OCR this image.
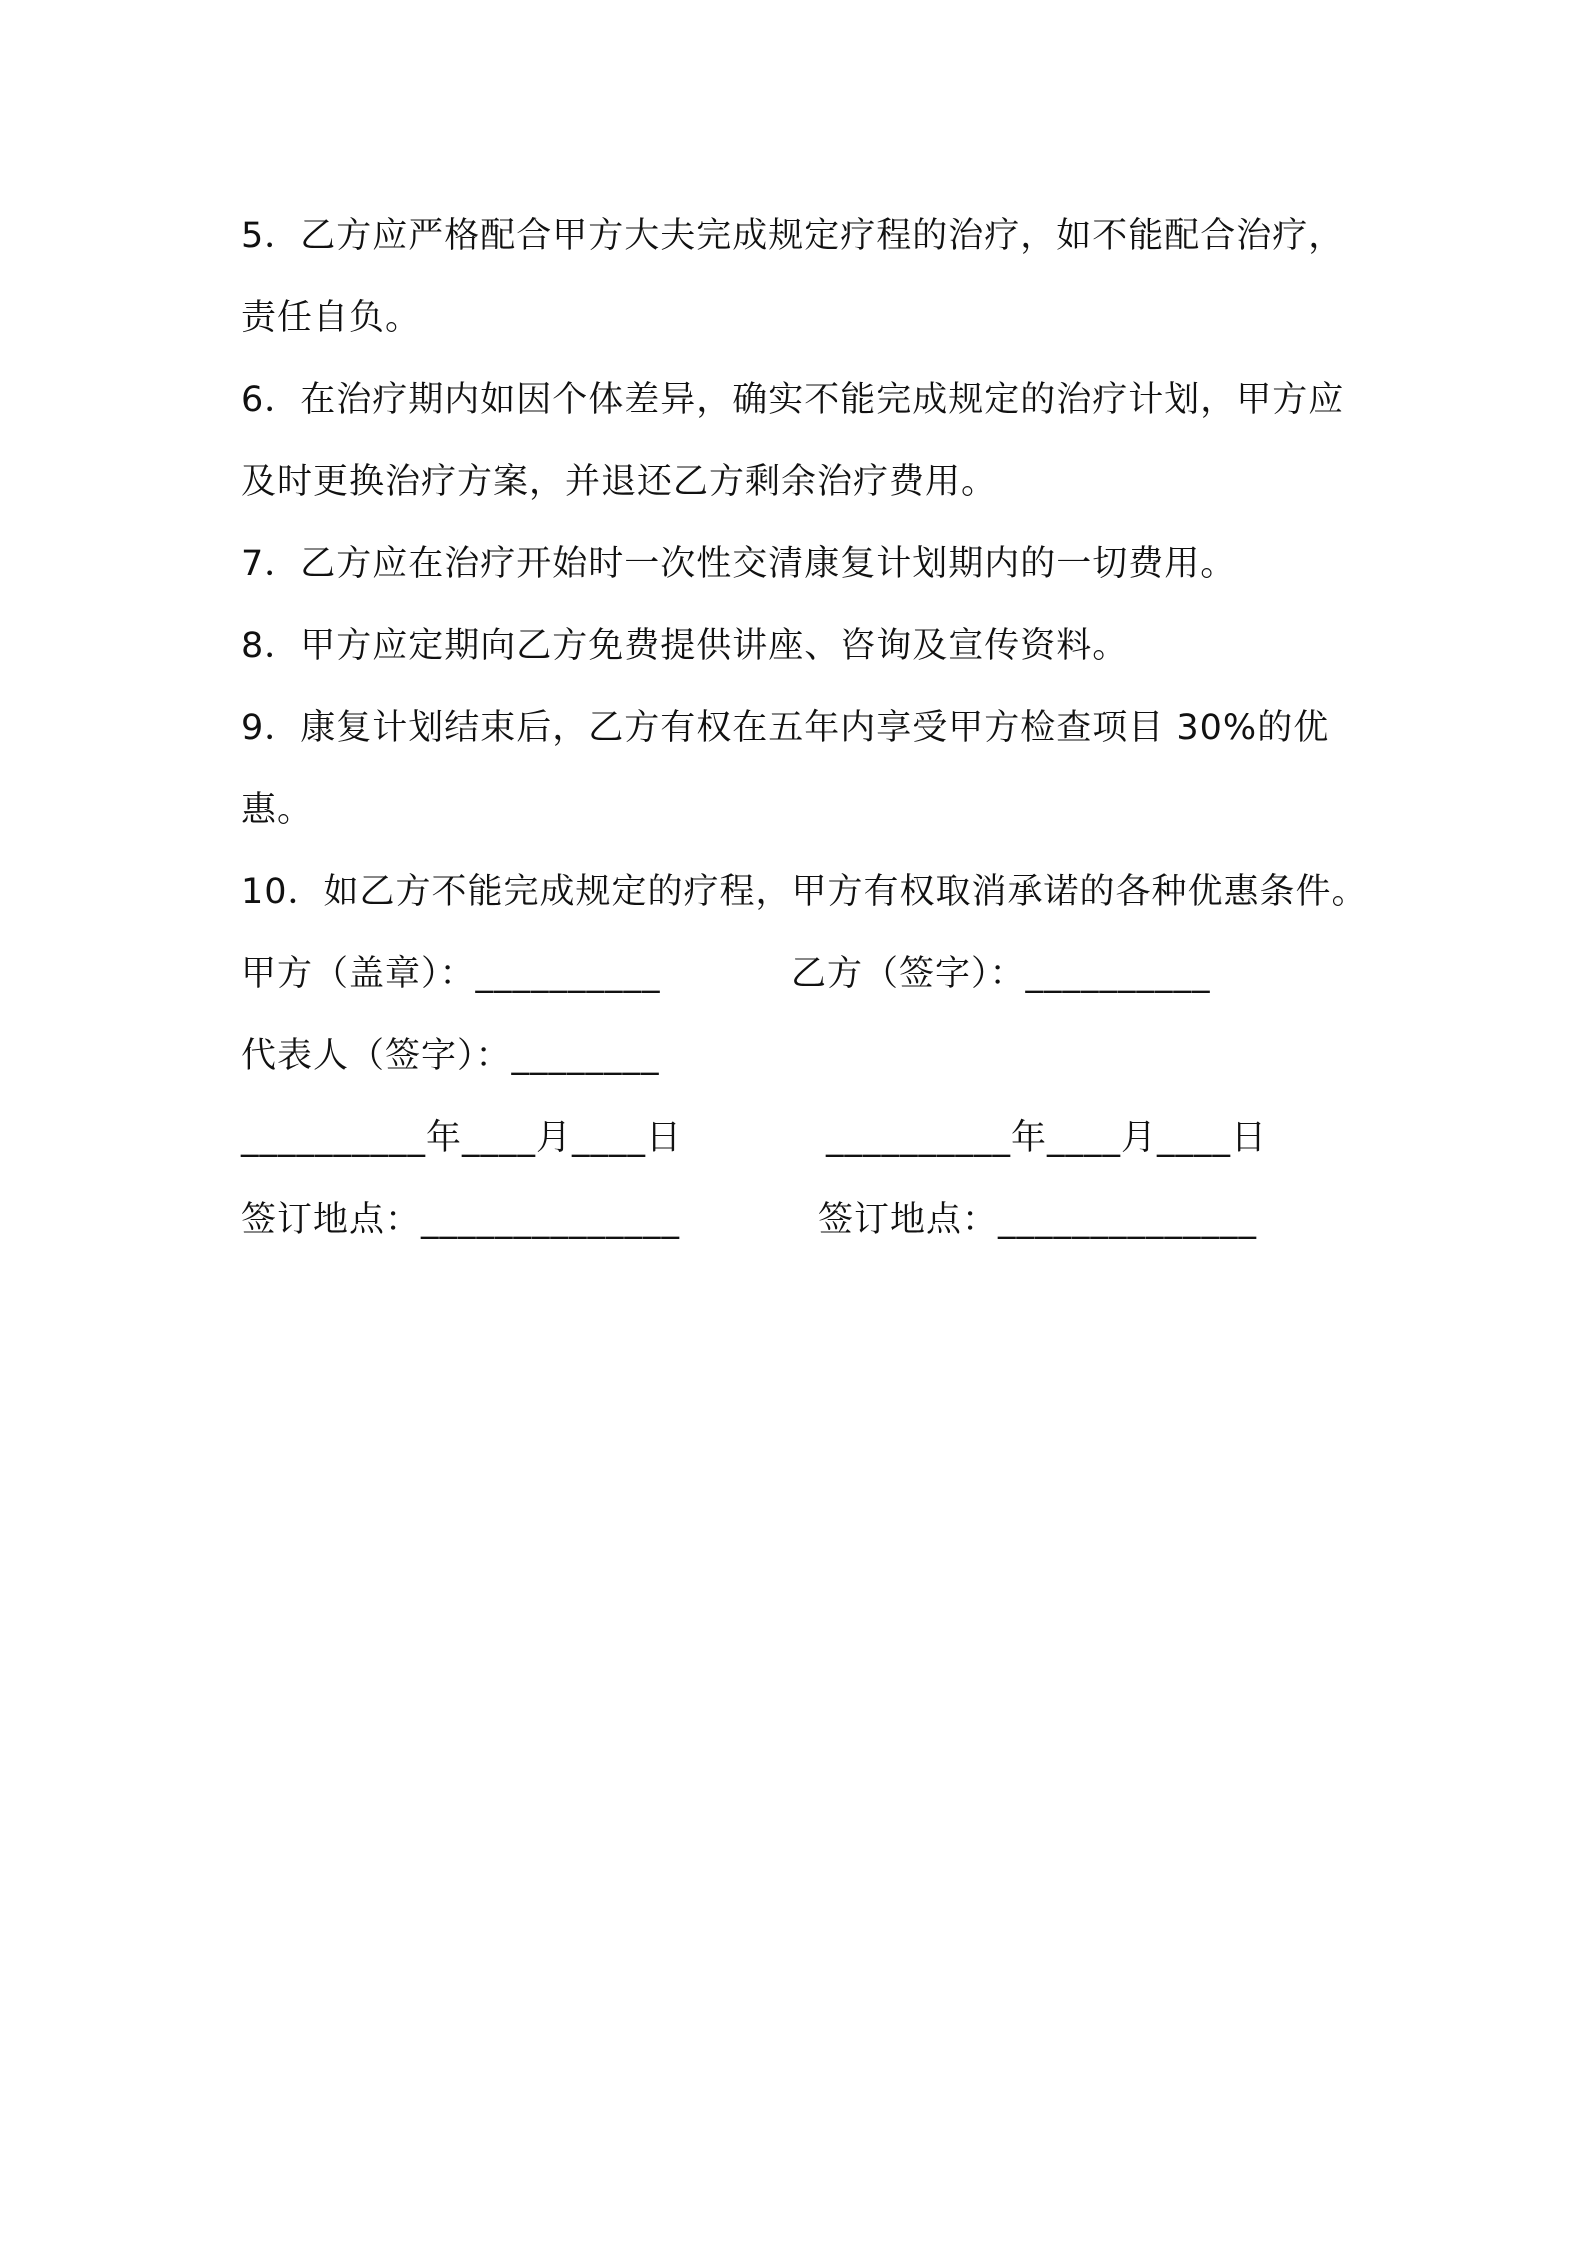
5．乙方应严格配合甲方大夫完成规定疗程的治疗，如不能配合治疗，责任自负。

6．在治疗期内如因个体差异，确实不能完成规定的治疗计划，甲方应及时更换治疗方案，并退还乙方剩余治疗费用。

7．乙方应在治疗开始时一次性交清康复计划期内的一切费用。

8．甲方应定期向乙方免费提供讲座、咨询及宣传资料。

9．康复计划结束后，乙方有权在五年内享受甲方检查项目 30%的优惠。

10．如乙方不能完成规定的疗程，甲方有权取消承诺的各种优惠条件。

甲方（盖章）：__________	乙方（签字）：__________
代表人（签字）：________
__________年____月____日	__________年____月____日
签订地点：______________	签订地点：______________
